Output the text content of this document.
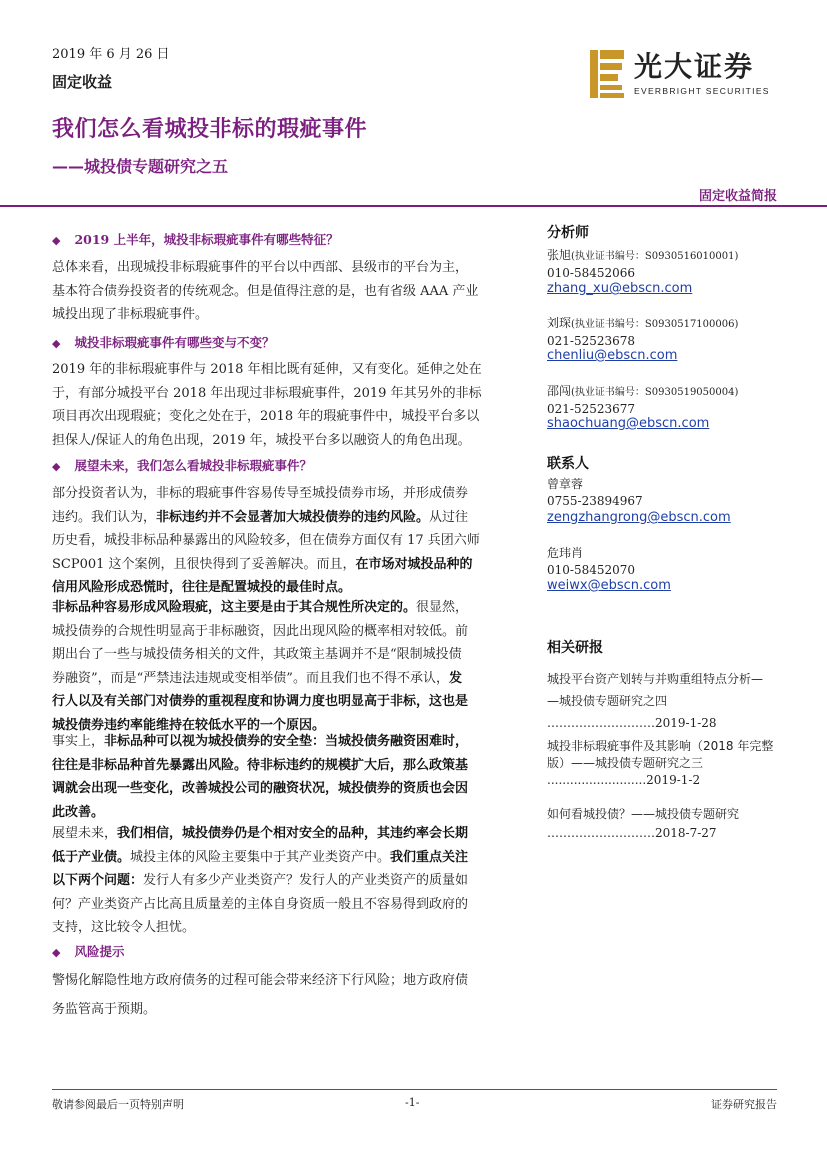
2019 年 6 月 26 日
固定收益
我们怎么看城投非标的瑕疵事件
——城投债专题研究之五
固定收益简报
光大证券
EVERBRIGHT SECURITIES
◆ 2019 上半年，城投非标瑕疵事件有哪些特征？
总体来看，出现城投非标瑕疵事件的平台以中西部、县级市的平台为主，
基本符合债券投资者的传统观念。但是值得注意的是，也有省级 AAA 产业
城投出现了非标瑕疵事件。
◆ 城投非标瑕疵事件有哪些变与不变？
2019 年的非标瑕疵事件与 2018 年相比既有延伸，又有变化。延伸之处在
于，有部分城投平台 2018 年出现过非标瑕疵事件，2019 年其另外的非标
项目再次出现瑕疵；变化之处在于，2018 年的瑕疵事件中，城投平台多以
担保人/保证人的角色出现，2019 年，城投平台多以融资人的角色出现。
◆ 展望未来，我们怎么看城投非标瑕疵事件？
部分投资者认为，非标的瑕疵事件容易传导至城投债券市场，并形成债券
违约。我们认为，非标违约并不会显著加大城投债券的违约风险。从过往
历史看，城投非标品种暴露出的风险较多，但在债券方面仅有 17 兵团六师
SCP001 这个案例，且很快得到了妥善解决。而且，在市场对城投品种的
信用风险形成恐慌时，往往是配置城投的最佳时点。
非标品种容易形成风险瑕疵，这主要是由于其合规性所决定的。很显然，
城投债券的合规性明显高于非标融资，因此出现风险的概率相对较低。前
期出台了一些与城投债务相关的文件，其政策主基调并不是“限制城投债
券融资”，而是“严禁违法违规或变相举债”。而且我们也不得不承认，发
行人以及有关部门对债券的重视程度和协调力度也明显高于非标，这也是
城投债券违约率能维持在较低水平的一个原因。
事实上，非标品种可以视为城投债券的安全垫：当城投债务融资困难时，
往往是非标品种首先暴露出风险。待非标违约的规模扩大后，那么政策基
调就会出现一些变化，改善城投公司的融资状况，城投债券的资质也会因
此改善。
展望未来，我们相信，城投债券仍是个相对安全的品种，其违约率会长期
低于产业债。城投主体的风险主要集中于其产业类资产中。我们重点关注
以下两个问题：发行人有多少产业类资产？发行人的产业类资产的质量如
何？产业类资产占比高且质量差的主体自身资质一般且不容易得到政府的
支持，这比较令人担忧。
◆ 风险提示
警惕化解隐性地方政府债务的过程可能会带来经济下行风险；地方政府债
务监管高于预期。
分析师
张旭(执业证书编号：S0930516010001)
010-58452066
zhang_xu@ebscn.com
刘琛(执业证书编号：S0930517100006)
021-52523678
chenliu@ebscn.com
邵闯(执业证书编号：S0930519050004)
021-52523677
shaochuang@ebscn.com
联系人
曾章蓉
0755-23894967
zengzhangrong@ebscn.com
危玮肖
010-58452070
weiwx@ebscn.com
相关研报
城投平台资产划转与并购重组特点分析—
—城投债专题研究之四
………………………2019-1-28
城投非标瑕疵事件及其影响（2018 年完整
版）——城投债专题研究之三
..........................2019-1-2
如何看城投债？——城投债专题研究
………………………2018-7-27
敬请参阅最后一页特别声明	-1-	证券研究报告
